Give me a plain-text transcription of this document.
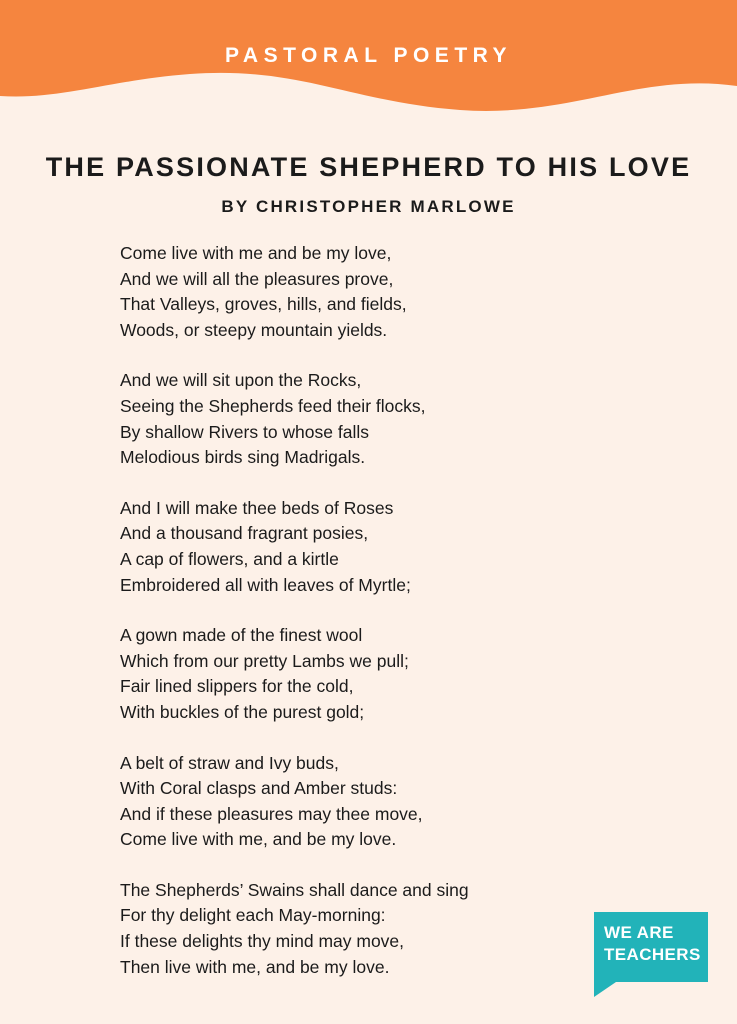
PASTORAL POETRY
THE PASSIONATE SHEPHERD TO HIS LOVE
BY CHRISTOPHER MARLOWE
Come live with me and be my love,
And we will all the pleasures prove,
That Valleys, groves, hills, and fields,
Woods, or steepy mountain yields.
And we will sit upon the Rocks,
Seeing the Shepherds feed their flocks,
By shallow Rivers to whose falls
Melodious birds sing Madrigals.
And I will make thee beds of Roses
And a thousand fragrant posies,
A cap of flowers, and a kirtle
Embroidered all with leaves of Myrtle;
A gown made of the finest wool
Which from our pretty Lambs we pull;
Fair lined slippers for the cold,
With buckles of the purest gold;
A belt of straw and Ivy buds,
With Coral clasps and Amber studs:
And if these pleasures may thee move,
Come live with me, and be my love.
The Shepherds’ Swains shall dance and sing
For thy delight each May-morning:
If these delights thy mind may move,
Then live with me, and be my love.
WE ARE
TEACHERS
